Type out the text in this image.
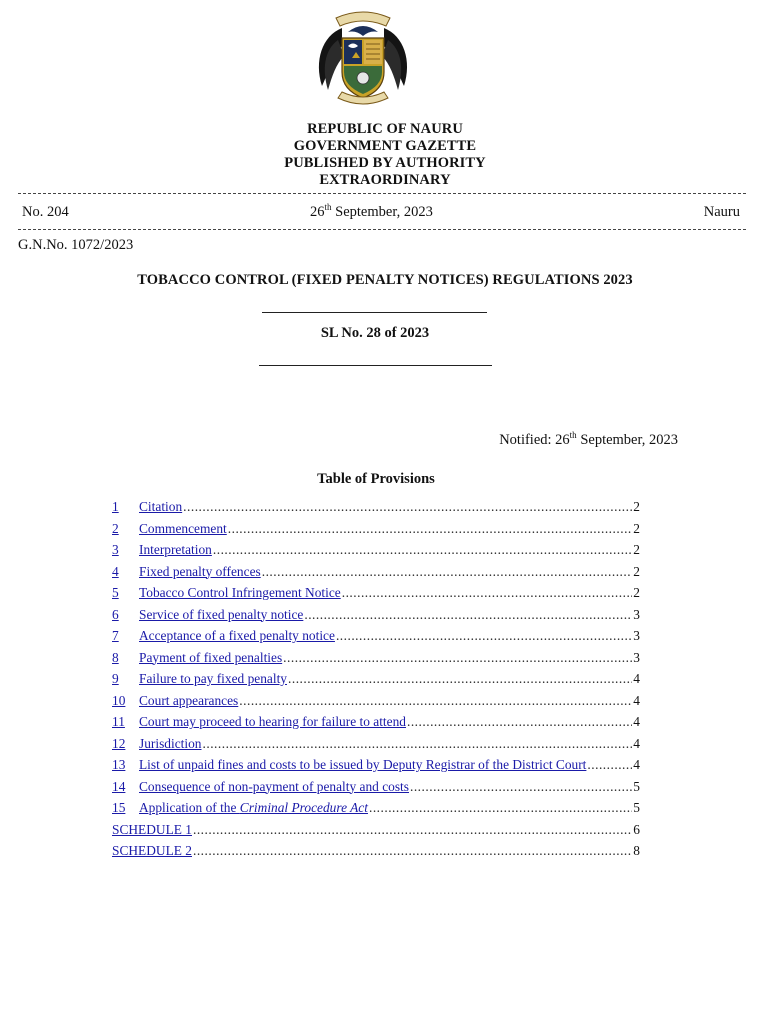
REPUBLIC OF NAURU
GOVERNMENT GAZETTE
PUBLISHED BY AUTHORITY
EXTRAORDINARY
No. 204	26th September, 2023	Nauru
G.N.No. 1072/2023
TOBACCO CONTROL (FIXED PENALTY NOTICES) REGULATIONS 2023
SL No. 28 of 2023
Notified: 26th September, 2023
Table of Provisions
1	Citation .....	2
2	Commencement .....	2
3	Interpretation .....	2
4	Fixed penalty offences .....	2
5	Tobacco Control Infringement Notice .....	2
6	Service of fixed penalty notice .....	3
7	Acceptance of a fixed penalty notice .....	3
8	Payment of fixed penalties .....	3
9	Failure to pay fixed penalty .....	4
10	Court appearances .....	4
11	Court may proceed to hearing for failure to attend .....	4
12	Jurisdiction .....	4
13	List of unpaid fines and costs to be issued by Deputy Registrar of the District Court .....	4
14	Consequence of non-payment of penalty and costs .....	5
15	Application of the Criminal Procedure Act .....	5
SCHEDULE 1 .....	6
SCHEDULE 2 .....	8
